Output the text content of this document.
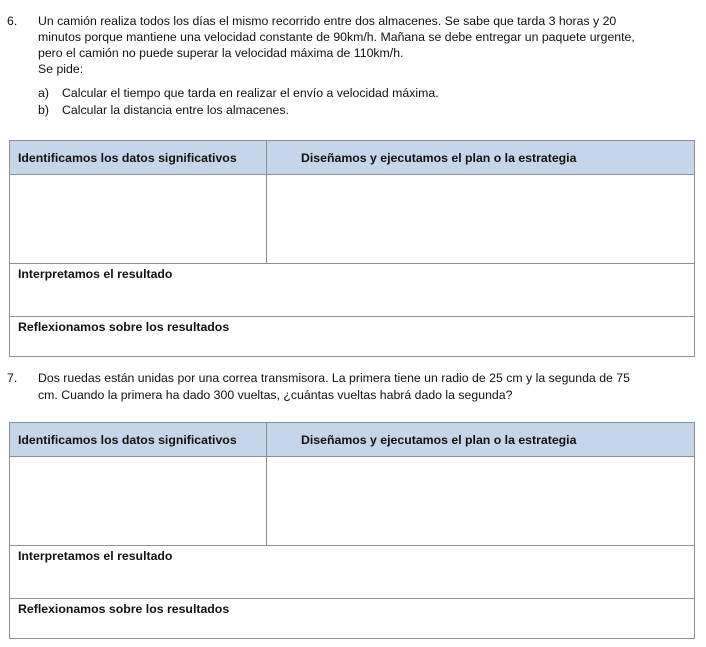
6. Un camión realiza todos los días el mismo recorrido entre dos almacenes. Se sabe que tarda 3 horas y 20
minutos porque mantiene una velocidad constante de 90km/h. Mañana se debe entregar un paquete urgente,
pero el camión no puede superar la velocidad máxima de 110km/h.
Se pide:
a) Calcular el tiempo que tarda en realizar el envío a velocidad máxima.
b) Calcular la distancia entre los almacenes.
Identificamos los datos significativos	Diseñamos y ejecutamos el plan o la estrategia

Interpretamos el resultado	
Reflexionamos sobre los resultados	
7. Dos ruedas están unidas por una correa transmisora. La primera tiene un radio de 25 cm y la segunda de 75
cm. Cuando la primera ha dado 300 vueltas, ¿cuántas vueltas habrá dado la segunda?
Identificamos los datos significativos	Diseñamos y ejecutamos el plan o la estrategia

Interpretamos el resultado	
Reflexionamos sobre los resultados	
